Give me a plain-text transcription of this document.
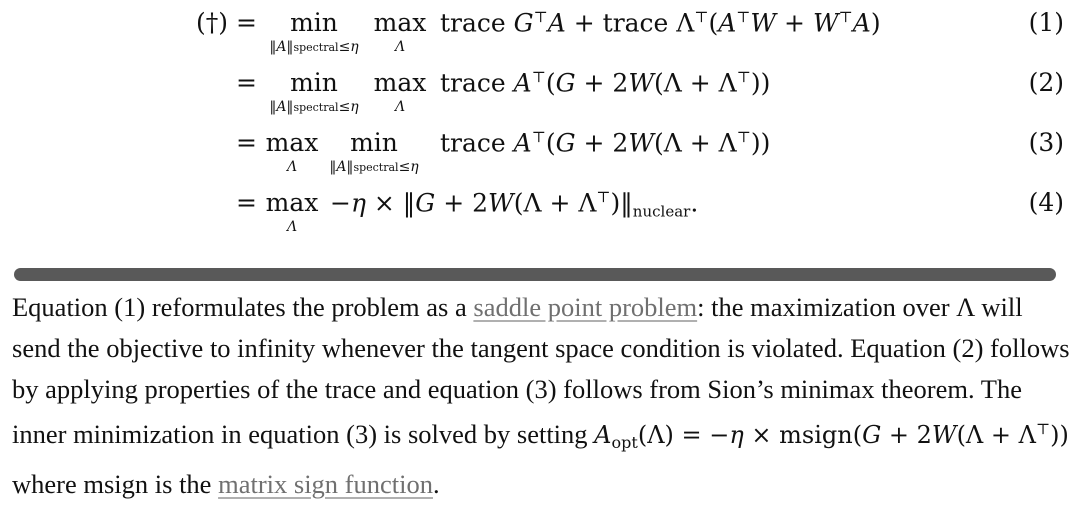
(†) =	min
‖A‖spectral≤η
max
Λ
trace G⊤A + trace Λ⊤(A⊤W + W⊤A)	(1)
=	min
‖A‖spectral≤η
max
Λ
trace A⊤(G + 2W(Λ + Λ⊤))	(2)
= max
Λ
min
‖A‖spectral≤η
trace A⊤(G + 2W(Λ + Λ⊤))	(3)
= max
Λ
−η × ‖G + $2W(\Lambda + \Lambda^⊤)‖_{nuclear}$.	(4)
Equation (1) reformulates the problem as a saddle point problem: the maximization over Λ will send the objective to infinity whenever the tangent space condition is violated. Equation (2) follows by applying properties of the trace and equation (3) follows from Sion’s minimax theorem. The inner minimization in equation (3) is solved by setting $A_{opt}(\Lambda) = -\eta$ × msign(G + 2W(Λ + Λ⊤)) where msign is the matrix sign function.
